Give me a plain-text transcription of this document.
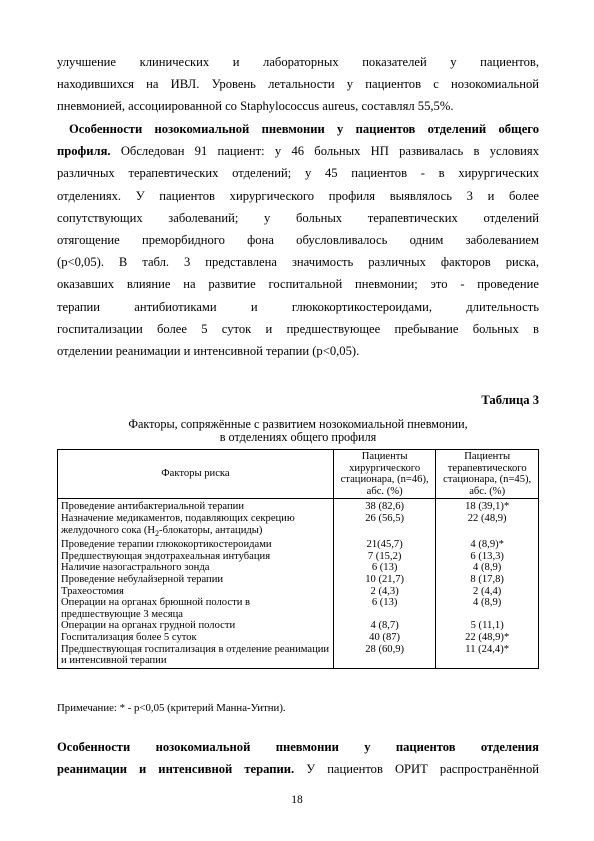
улучшение клинических и лабораторных показателей у пациентов,
находившихся на ИВЛ. Уровень летальности у пациентов с нозокомиальной
пневмонией, ассоциированной со Staphylococcus aureus, составлял 55,5%.
Особенности нозокомиальной пневмонии у пациентов отделений общего
профиля. Обследован 91 пациент: у 46 больных НП развивалась в условиях
различных терапевтических отделений; у 45 пациентов - в хирургических
отделениях. У пациентов хирургического профиля выявлялось 3 и более
сопутствующих заболеваний; у больных терапевтических отделений
отягощение преморбидного фона обусловливалось одним заболеванием
(p<0,05). В табл. 3 представлена значимость различных факторов риска,
оказавших влияние на развитие госпитальной пневмонии; это - проведение
терапии антибиотиками и глюкокортикостероидами, длительность
госпитализации более 5 суток и предшествующее пребывание больных в
отделении реанимации и интенсивной терапии (p<0,05).

Таблица 3

Факторы, сопряжённые с развитием нозокомиальной пневмонии,
в отделениях общего профиля
Факторы риска	Пациенты хирургического стационара, (n=46), абс. (%)	Пациенты терапевтического стационара, (n=45), абс. (%)
Проведение антибактериальной терапии	38 (82,6)	18 (39,1)*
Назначение медикаментов, подавляющих секрецию желудочного сока ($Н_2$-блокаторы, антациды)	26 (56,5)	22 (48,9)
Проведение терапии глюкокортикостероидами	21(45,7)	4 (8,9)*
Предшествующая эндотрахеальная интубация	7 (15,2)	6 (13,3)
Наличие назогастрального зонда	6 (13)	4 (8,9)
Проведение небулайзерной терапии	10 (21,7)	8 (17,8)
Трахеостомия	2 (4,3)	2 (4,4)
Операции на органах брюшной полости в предшествующие 3 месяца	6 (13)	4 (8,9)
Операции на органах грудной полости	4 (8,7)	5 (11,1)
Госпитализация более 5 суток	40 (87)	22 (48,9)*
Предшествующая госпитализация в отделение реанимации и интенсивной терапии	28 (60,9)	11 (24,4)*

Примечание: * - p<0,05 (критерий Манна-Уитни).

Особенности нозокомиальной пневмонии у пациентов отделения
реанимации и интенсивной терапии. У пациентов ОРИТ распространённой

18
